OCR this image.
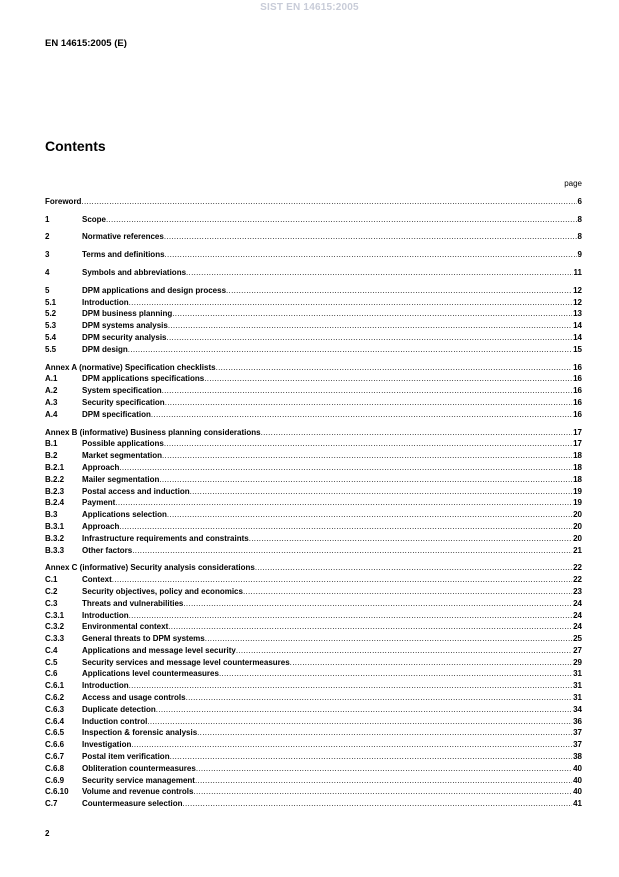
SIST EN 14615:2005
EN 14615:2005 (E)
Contents
page
Foreword .....	6
1	Scope .....	8
2	Normative references .....	8
3	Terms and definitions .....	9
4	Symbols and abbreviations .....	11
5	DPM applications and design process .....	12
5.1	Introduction .....	12
5.2	DPM business planning .....	13
5.3	DPM systems analysis .....	14
5.4	DPM security analysis .....	14
5.5	DPM design .....	15
Annex A (normative) Specification checklists .....	16
A.1	DPM applications specifications .....	16
A.2	System specification .....	16
A.3	Security specification .....	16
A.4	DPM specification .....	16
Annex B (informative) Business planning considerations .....	17
B.1	Possible applications .....	17
B.2	Market segmentation .....	18
B.2.1	Approach .....	18
B.2.2	Mailer segmentation .....	18
B.2.3	Postal access and induction .....	19
B.2.4	Payment .....	19
B.3	Applications selection .....	20
B.3.1	Approach .....	20
B.3.2	Infrastructure requirements and constraints .....	20
B.3.3	Other factors .....	21
Annex C (informative) Security analysis considerations .....	22
C.1	Context .....	22
C.2	Security objectives, policy and economics .....	23
C.3	Threats and vulnerabilities .....	24
C.3.1	Introduction .....	24
C.3.2	Environmental context .....	24
C.3.3	General threats to DPM systems .....	25
C.4	Applications and message level security .....	27
C.5	Security services and message level countermeasures .....	29
C.6	Applications level countermeasures .....	31
C.6.1	Introduction .....	31
C.6.2	Access and usage controls .....	31
C.6.3	Duplicate detection .....	34
C.6.4	Induction control .....	36
C.6.5	Inspection & forensic analysis .....	37
C.6.6	Investigation .....	37
C.6.7	Postal item verification .....	38
C.6.8	Obliteration countermeasures .....	40
C.6.9	Security service management .....	40
C.6.10	Volume and revenue controls .....	40
C.7	Countermeasure selection .....	41
2
